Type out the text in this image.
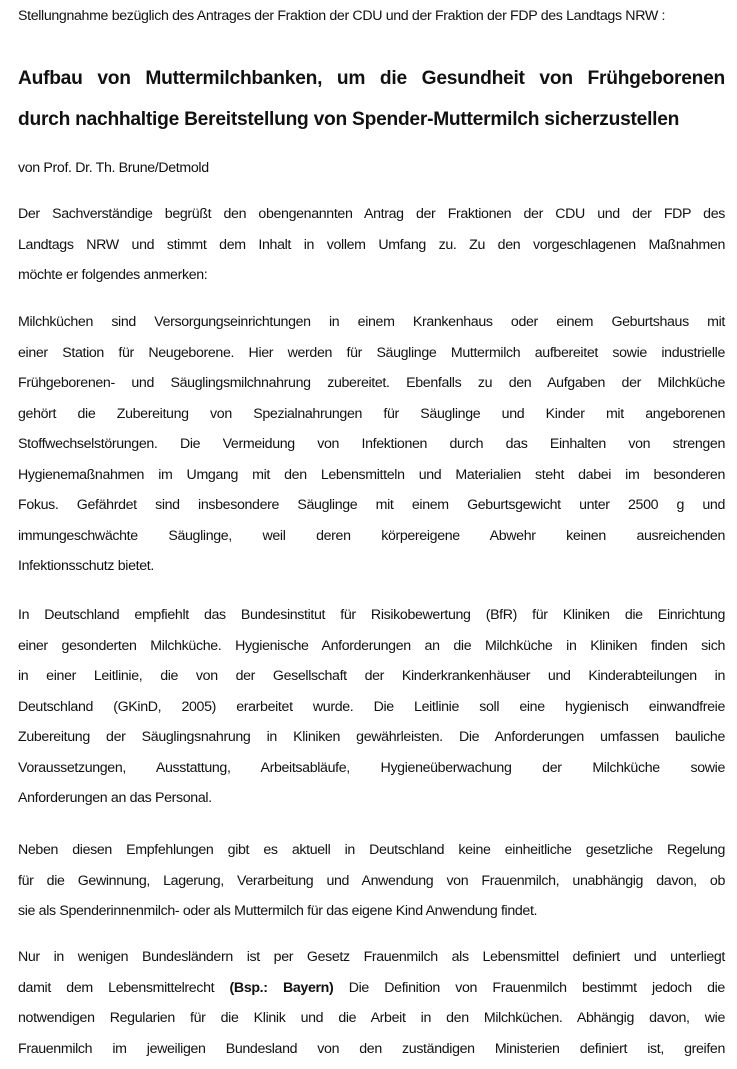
Stellungnahme bezüglich des Antrages der Fraktion der CDU und der Fraktion der FDP des Landtags NRW :
Aufbau von Muttermilchbanken, um die Gesundheit von Frühgeborenen
durch nachhaltige Bereitstellung von Spender-Muttermilch sicherzustellen
von Prof. Dr. Th. Brune/Detmold
Der Sachverständige begrüßt den obengenannten Antrag der Fraktionen der CDU und der FDP des
Landtags NRW und stimmt dem Inhalt in vollem Umfang zu. Zu den vorgeschlagenen Maßnahmen
möchte er folgendes anmerken:
Milchküchen sind Versorgungseinrichtungen in einem Krankenhaus oder einem Geburtshaus mit
einer Station für Neugeborene. Hier werden für Säuglinge Muttermilch aufbereitet sowie industrielle
Frühgeborenen- und Säuglingsmilchnahrung zubereitet. Ebenfalls zu den Aufgaben der Milchküche
gehört die Zubereitung von Spezialnahrungen für Säuglinge und Kinder mit angeborenen
Stoffwechselstörungen. Die Vermeidung von Infektionen durch das Einhalten von strengen
Hygienemaßnahmen im Umgang mit den Lebensmitteln und Materialien steht dabei im besonderen
Fokus. Gefährdet sind insbesondere Säuglinge mit einem Geburtsgewicht unter 2500 g und
immungeschwächte Säuglinge, weil deren körpereigene Abwehr keinen ausreichenden
Infektionsschutz bietet.
In Deutschland empfiehlt das Bundesinstitut für Risikobewertung (BfR) für Kliniken die Einrichtung
einer gesonderten Milchküche. Hygienische Anforderungen an die Milchküche in Kliniken finden sich
in einer Leitlinie, die von der Gesellschaft der Kinderkrankenhäuser und Kinderabteilungen in
Deutschland (GKinD, 2005) erarbeitet wurde. Die Leitlinie soll eine hygienisch einwandfreie
Zubereitung der Säuglingsnahrung in Kliniken gewährleisten. Die Anforderungen umfassen bauliche
Voraussetzungen, Ausstattung, Arbeitsabläufe, Hygieneüberwachung der Milchküche sowie
Anforderungen an das Personal.
Neben diesen Empfehlungen gibt es aktuell in Deutschland keine einheitliche gesetzliche Regelung
für die Gewinnung, Lagerung, Verarbeitung und Anwendung von Frauenmilch, unabhängig davon, ob
sie als Spenderinnenmilch- oder als Muttermilch für das eigene Kind Anwendung findet.
Nur in wenigen Bundesländern ist per Gesetz Frauenmilch als Lebensmittel definiert und unterliegt
damit dem Lebensmittelrecht (Bsp.: Bayern) Die Definition von Frauenmilch bestimmt jedoch die
notwendigen Regularien für die Klinik und die Arbeit in den Milchküchen. Abhängig davon, wie
Frauenmilch im jeweiligen Bundesland von den zuständigen Ministerien definiert ist, greifen
